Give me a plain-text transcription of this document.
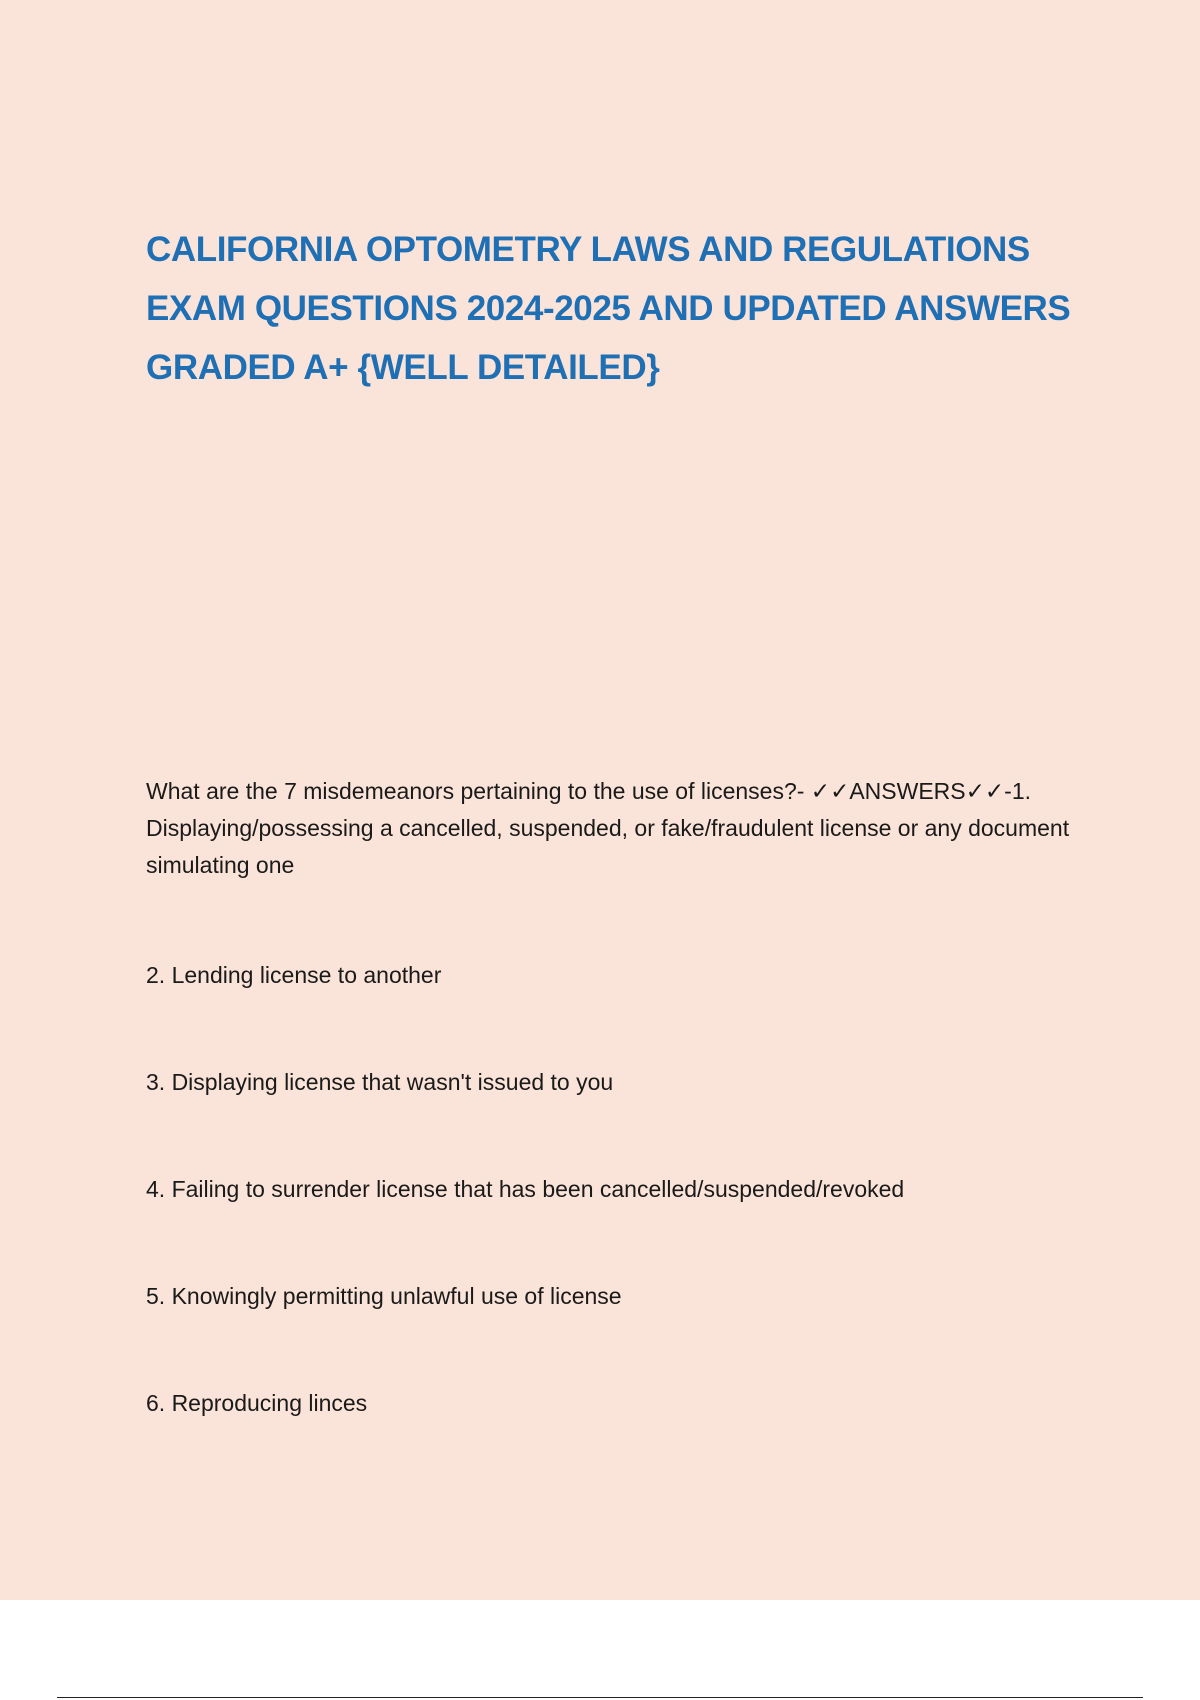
CALIFORNIA OPTOMETRY LAWS AND REGULATIONS EXAM QUESTIONS 2024-2025 AND UPDATED ANSWERS GRADED A+ {WELL DETAILED}

What are the 7 misdemeanors pertaining to the use of licenses?- ✓✓ANSWERS✓✓-1. Displaying/possessing a cancelled, suspended, or fake/fraudulent license or any document simulating one

2. Lending license to another

3. Displaying license that wasn't issued to you

4. Failing to surrender license that has been cancelled/suspended/revoked

5. Knowingly permitting unlawful use of license

6. Reproducing linces
